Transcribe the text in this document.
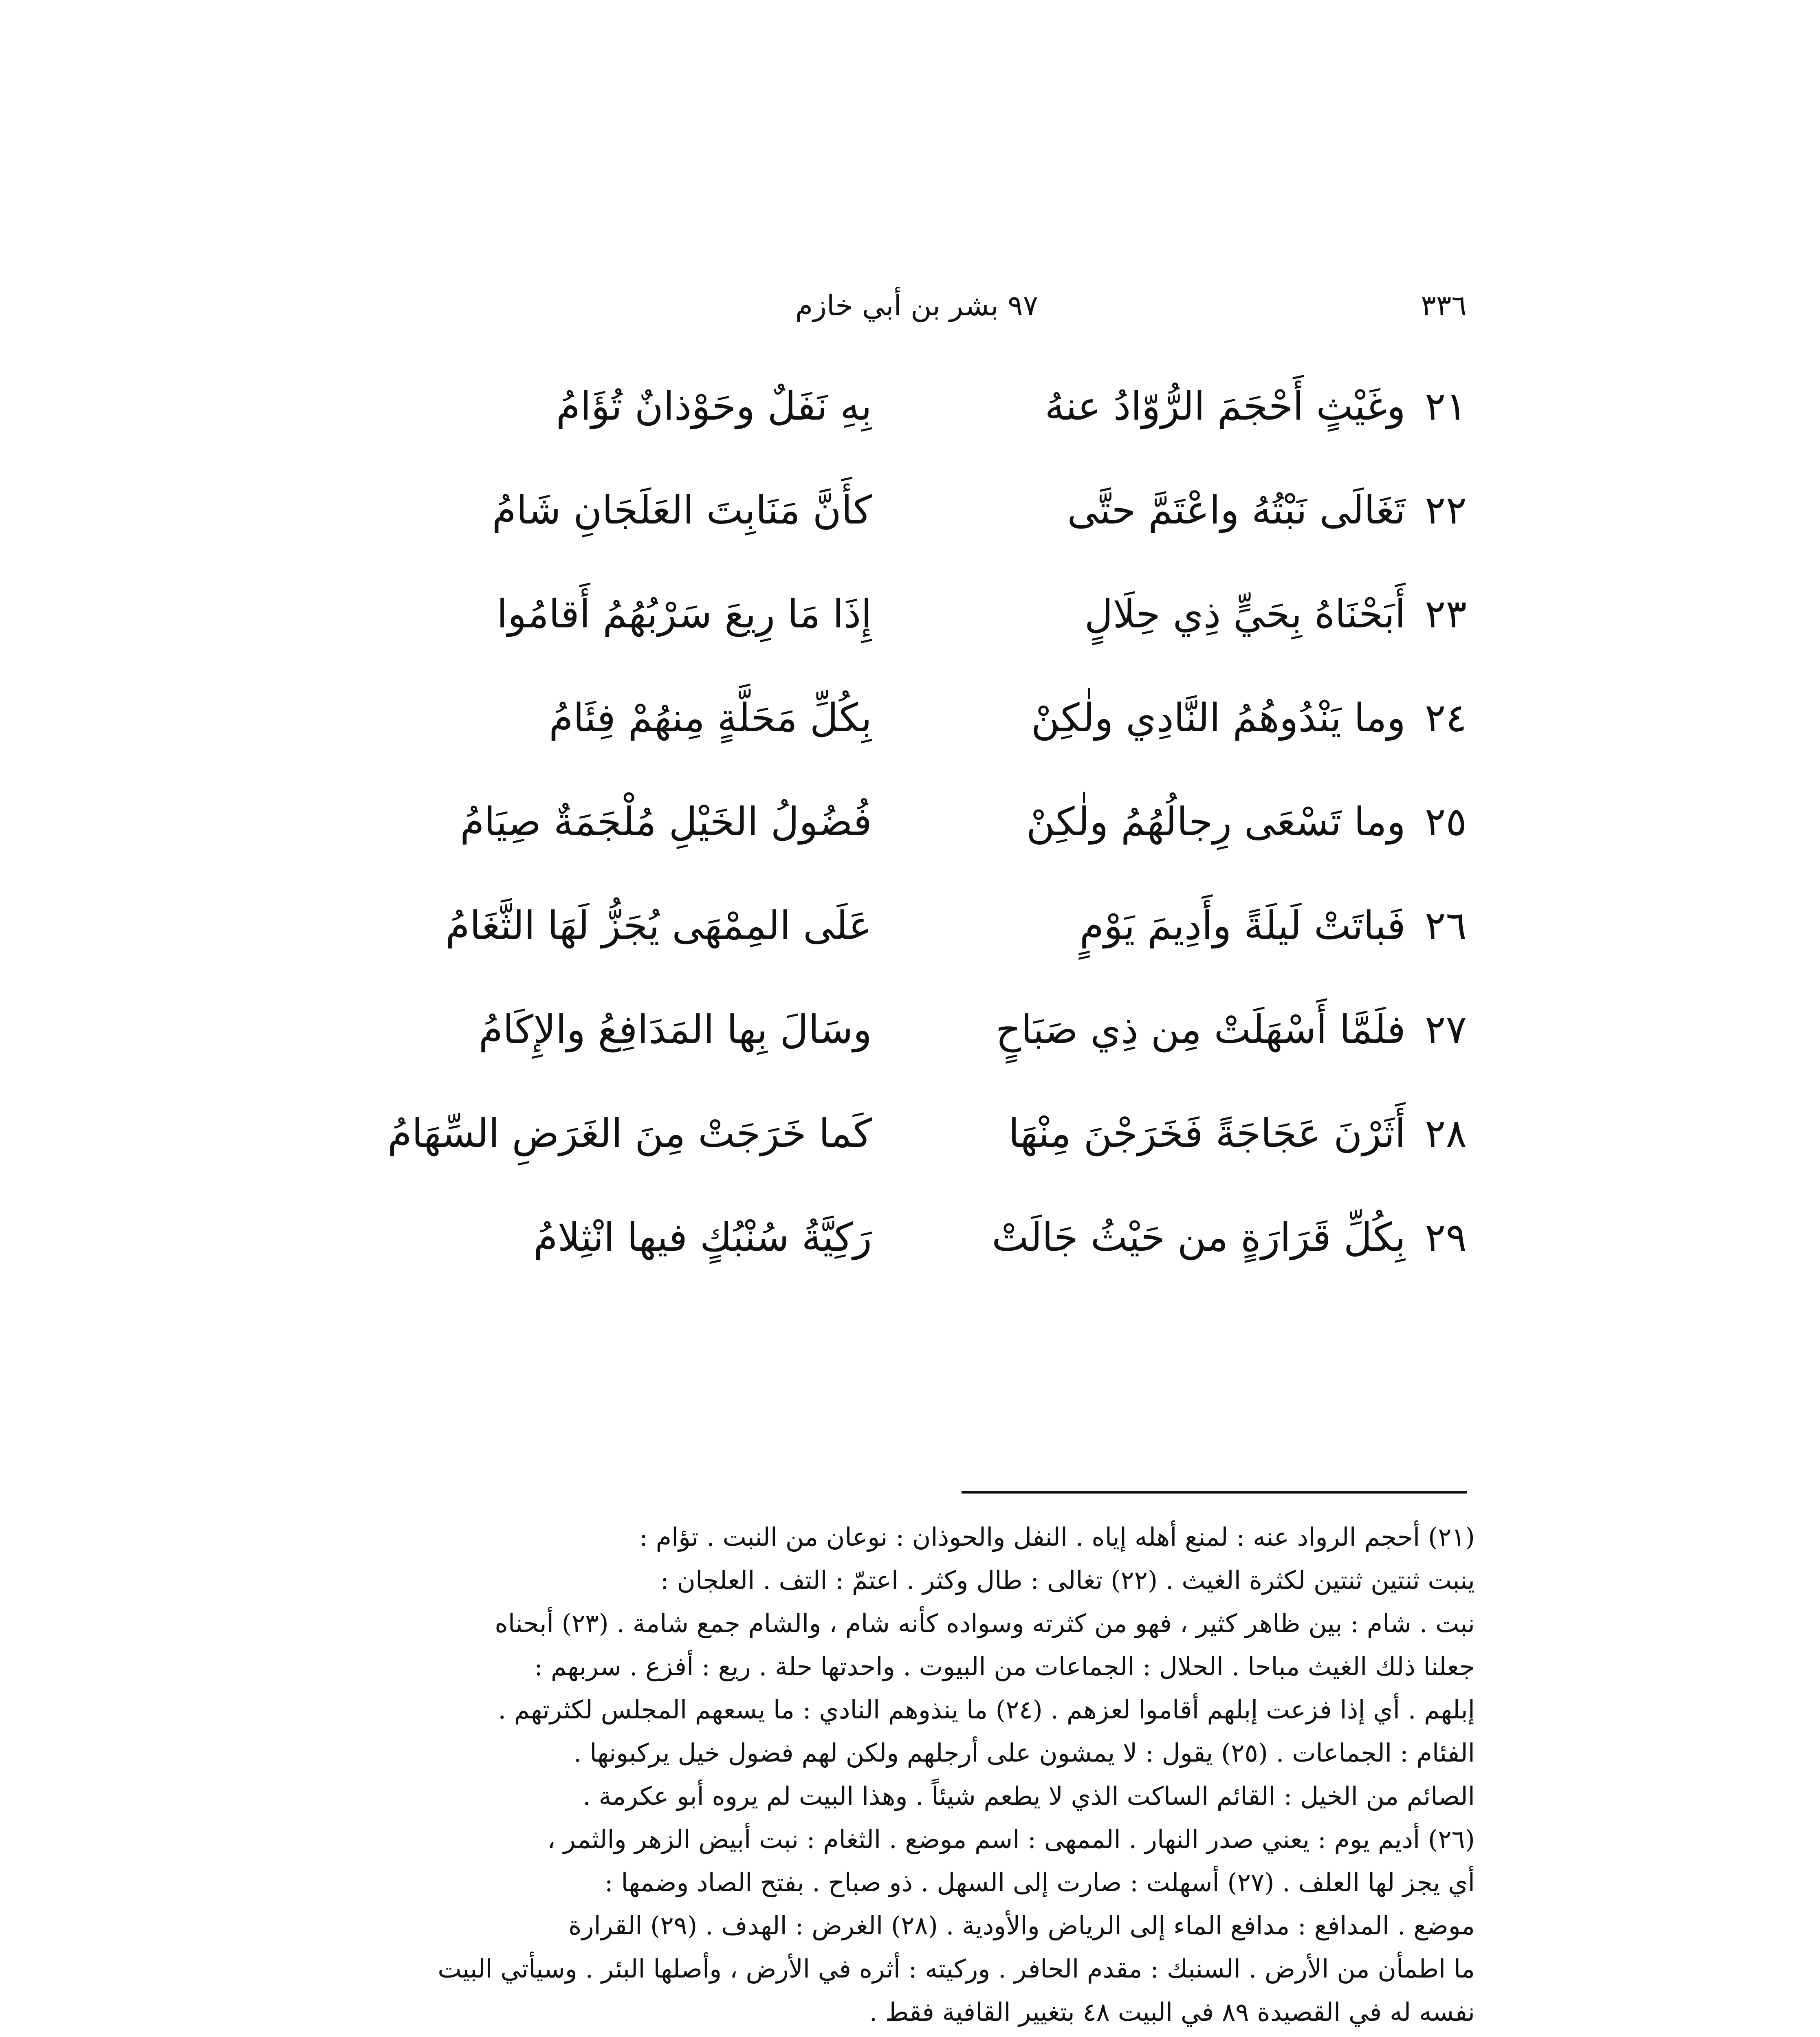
٣٣٦
٩٧ بشر بن أبي خازم
٢١
وغَيْثٍ أَحْجَمَ الرُّوّادُ عنهُ
بِهِ نَفَلٌ وحَوْذانٌ تُؤَامُ
٢٢
تَغَالَى نَبْتُهُ واعْتَمَّ حتَّى
كأَنَّ مَنَابِتَ العَلَجَانِ شَامُ
٢٣
أَبَحْنَاهُ بِحَيٍّ ذِي حِلَالٍ
إِذَا مَا رِيعَ سَرْبُهُمُ أَقامُوا
٢٤
وما يَنْدُوهُمُ النَّادِي ولٰكِنْ
بِكُلِّ مَحَلَّةٍ مِنهُمْ فِئَامُ
٢٥
وما تَسْعَى رِجالُهُمُ ولٰكِنْ
فُضُولُ الخَيْلِ مُلْجَمَةٌ صِيَامُ
٢٦
فَباتَتْ لَيلَةً وأَدِيمَ يَوْمٍ
عَلَى المِمْهَى يُجَزُّ لَهَا الثَّغَامُ
٢٧
فلَمَّا أَسْهَلَتْ مِن ذِي صَبَاحٍ
وسَالَ بِها المَدَافِعُ والإِكَامُ
٢٨
أَثَرْنَ عَجَاجَةً فَخَرَجْنَ مِنْهَا
كَما خَرَجَتْ مِنَ الغَرَضِ السِّهَامُ
٢٩
بِكُلِّ قَرَارَةٍ من حَيْثُ جَالَتْ
رَكِيَّةُ سُنْبُكٍ فيها انْثِلامُ
(٢١) أحجم الرواد عنه : لمنع أهله إياه . النفل والحوذان : نوعان من النبت . تؤام :
ينبت ثنتين ثنتين لكثرة الغيث . (٢٢) تغالى : طال وكثر . اعتمّ : التف . العلجان :
نبت . شام : بين ظاهر كثير ، فهو من كثرته وسواده كأنه شام ، والشام جمع شامة . (٢٣) أبحناه
جعلنا ذلك الغيث مباحا . الحلال : الجماعات من البيوت . واحدتها حلة . ريع : أفزع . سربهم :
إبلهم . أي إذا فزعت إبلهم أقاموا لعزهم . (٢٤) ما ينذوهم النادي : ما يسعهم المجلس لكثرتهم .
الفئام : الجماعات . (٢٥) يقول : لا يمشون على أرجلهم ولكن لهم فضول خيل يركبونها .
الصائم من الخيل : القائم الساكت الذي لا يطعم شيئاً . وهذا البيت لم يروه أبو عكرمة .
(٢٦) أديم يوم : يعني صدر النهار . الممهى : اسم موضع . الثغام : نبت أبيض الزهر والثمر ،
أي يجز لها العلف . (٢٧) أسهلت : صارت إلى السهل . ذو صباح . بفتح الصاد وضمها :
موضع . المدافع : مدافع الماء إلى الرياض والأودية . (٢٨) الغرض : الهدف . (٢٩) القرارة
ما اطمأن من الأرض . السنبك : مقدم الحافر . وركيته : أثره في الأرض ، وأصلها البئر . وسيأتي البيت
نفسه له في القصيدة ٨٩ في البيت ٤٨ بتغيير القافية فقط .
